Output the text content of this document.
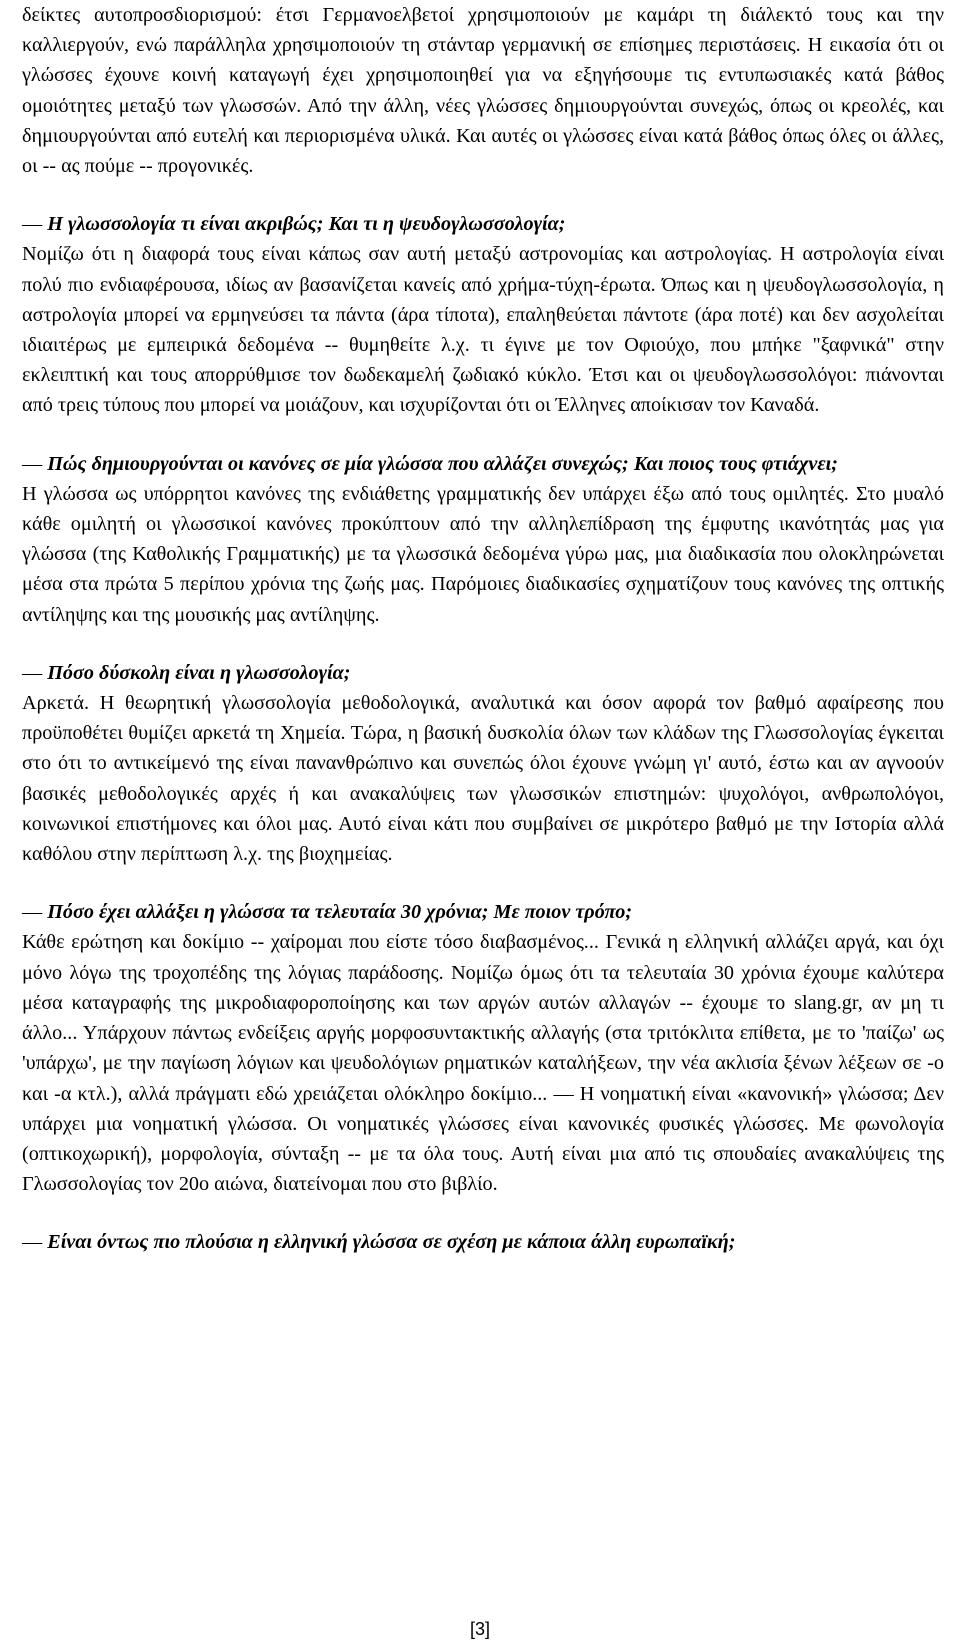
δείκτες αυτοπροσδιορισμού: έτσι Γερμανοελβετοί χρησιμοποιούν με καμάρι τη διάλεκτό τους και την καλλιεργούν, ενώ παράλληλα χρησιμοποιούν τη στάνταρ γερμανική σε επίσημες περιστάσεις. Η εικασία ότι οι γλώσσες έχουνε κοινή καταγωγή έχει χρησιμοποιηθεί για να εξηγήσουμε τις εντυπωσιακές κατά βάθος ομοιότητες μεταξύ των γλωσσών. Από την άλλη, νέες γλώσσες δημιουργούνται συνεχώς, όπως οι κρεολές, και δημιουργούνται από ευτελή και περιορισμένα υλικά. Και αυτές οι γλώσσες είναι κατά βάθος όπως όλες οι άλλες, οι -- ας πούμε -- προγονικές.

— Η γλωσσολογία τι είναι ακριβώς; Και τι η ψευδογλωσσολογία;

Νομίζω ότι η διαφορά τους είναι κάπως σαν αυτή μεταξύ αστρονομίας και αστρολογίας. Η αστρολογία είναι πολύ πιο ενδιαφέρουσα, ιδίως αν βασανίζεται κανείς από χρήμα-τύχη-έρωτα. Όπως και η ψευδογλωσσολογία, η αστρολογία μπορεί να ερμηνεύσει τα πάντα (άρα τίποτα), επαληθεύεται πάντοτε (άρα ποτέ) και δεν ασχολείται ιδιαιτέρως με εμπειρικά δεδομένα -- θυμηθείτε λ.χ. τι έγινε με τον Οφιούχο, που μπήκε "ξαφνικά" στην εκλειπτική και τους απορρύθμισε τον δωδεκαμελή ζωδιακό κύκλο. Έτσι και οι ψευδογλωσσολόγοι: πιάνονται από τρεις τύπους που μπορεί να μοιάζουν, και ισχυρίζονται ότι οι Έλληνες αποίκισαν τον Καναδά.

— Πώς δημιουργούνται οι κανόνες σε μία γλώσσα που αλλάζει συνεχώς; Και ποιος τους φτιάχνει;

Η γλώσσα ως υπόρρητοι κανόνες της ενδιάθετης γραμματικής δεν υπάρχει έξω από τους ομιλητές. Στο μυαλό κάθε ομιλητή οι γλωσσικοί κανόνες προκύπτουν από την αλληλεπίδραση της έμφυτης ικανότητάς μας για γλώσσα (της Καθολικής Γραμματικής) με τα γλωσσικά δεδομένα γύρω μας, μια διαδικασία που ολοκληρώνεται μέσα στα πρώτα 5 περίπου χρόνια της ζωής μας. Παρόμοιες διαδικασίες σχηματίζουν τους κανόνες της οπτικής αντίληψης και της μουσικής μας αντίληψης.

— Πόσο δύσκολη είναι η γλωσσολογία;

Αρκετά. Η θεωρητική γλωσσολογία μεθοδολογικά, αναλυτικά και όσον αφορά τον βαθμό αφαίρεσης που προϋποθέτει θυμίζει αρκετά τη Χημεία. Τώρα, η βασική δυσκολία όλων των κλάδων της Γλωσσολογίας έγκειται στο ότι το αντικείμενό της είναι πανανθρώπινο και συνεπώς όλοι έχουνε γνώμη γι' αυτό, έστω και αν αγνοούν βασικές μεθοδολογικές αρχές ή και ανακαλύψεις των γλωσσικών επιστημών: ψυχολόγοι, ανθρωπολόγοι, κοινωνικοί επιστήμονες και όλοι μας. Αυτό είναι κάτι που συμβαίνει σε μικρότερο βαθμό με την Ιστορία αλλά καθόλου στην περίπτωση λ.χ. της βιοχημείας.

— Πόσο έχει αλλάξει η γλώσσα τα τελευταία 30 χρόνια; Με ποιον τρόπο;

Κάθε ερώτηση και δοκίμιο -- χαίρομαι που είστε τόσο διαβασμένος... Γενικά η ελληνική αλλάζει αργά, και όχι μόνο λόγω της τροχοπέδης της λόγιας παράδοσης. Νομίζω όμως ότι τα τελευταία 30 χρόνια έχουμε καλύτερα μέσα καταγραφής της μικροδιαφοροποίησης και των αργών αυτών αλλαγών -- έχουμε το slang.gr, αν μη τι άλλο... Υπάρχουν πάντως ενδείξεις αργής μορφοσυντακτικής αλλαγής (στα τριτόκλιτα επίθετα, με το 'παίζω' ως 'υπάρχω', με την παγίωση λόγιων και ψευδολόγιων ρηματικών καταλήξεων, την νέα ακλισία ξένων λέξεων σε -ο και -α κτλ.), αλλά πράγματι εδώ χρειάζεται ολόκληρο δοκίμιο... — Η νοηματική είναι «κανονική» γλώσσα; Δεν υπάρχει μια νοηματική γλώσσα. Οι νοηματικές γλώσσες είναι κανονικές φυσικές γλώσσες. Με φωνολογία (οπτικοχωρική), μορφολογία, σύνταξη -- με τα όλα τους. Αυτή είναι μια από τις σπουδαίες ανακαλύψεις της Γλωσσολογίας τον 20ο αιώνα, διατείνομαι που στο βιβλίο.

— Είναι όντως πιο πλούσια η ελληνική γλώσσα σε σχέση με κάποια άλλη ευρωπαϊκή;

[3]
